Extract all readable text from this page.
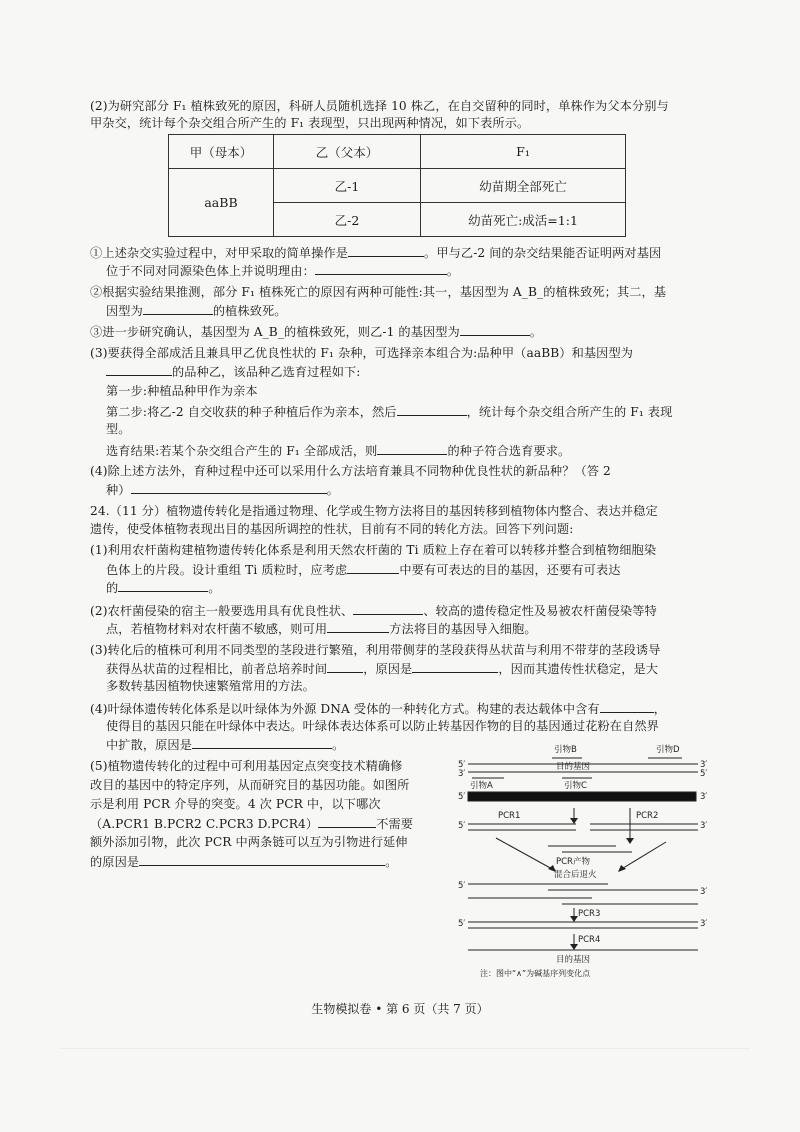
(2)为研究部分 F₁ 植株致死的原因，科研人员随机选择 10 株乙，在自交留种的同时，单株作为父本分别与
甲杂交，统计每个杂交组合所产生的 F₁ 表现型，只出现两种情况，如下表所示。
甲（母本）	乙（父本）	F₁
aaBB	乙-1	幼苗期全部死亡
	乙-2	幼苗死亡:成活=1:1
①上述杂交实验过程中，对甲采取的简单操作是	。甲与乙-2 间的杂交结果能否证明两对基因
位于不同对同源染色体上并说明理由：	。
②根据实验结果推测，部分 F₁ 植株死亡的原因有两种可能性:其一，基因型为 A_B_的植株致死；其二，基
因型为	的植株致死。
③进一步研究确认，基因型为 A_B_的植株致死，则乙-1 的基因型为	。
(3)要获得全部成活且兼具甲乙优良性状的 F₁ 杂种，可选择亲本组合为:品种甲（aaBB）和基因型为
的品种乙，该品种乙选育过程如下:
第一步:种植品种甲作为亲本
第二步:将乙-2 自交收获的种子种植后作为亲本，然后	，统计每个杂交组合所产生的 F₁ 表现
型。
选育结果:若某个杂交组合产生的 F₁ 全部成活，则	的种子符合选育要求。
(4)除上述方法外，育种过程中还可以采用什么方法培育兼具不同物种优良性状的新品种？（答 2
种）	。
24.（11 分）植物遗传转化是指通过物理、化学或生物方法将目的基因转移到植物体内整合、表达并稳定
遗传，使受体植物表现出目的基因所调控的性状，目前有不同的转化方法。回答下列问题:
(1)利用农杆菌构建植物遗传转化体系是利用天然农杆菌的 Ti 质粒上存在着可以转移并整合到植物细胞染
色体上的片段。设计重组 Ti 质粒时，应考虑	中要有可表达的目的基因，还要有可表达
的	。
(2)农杆菌侵染的宿主一般要选用具有优良性状、	、较高的遗传稳定性及易被农杆菌侵染等特
点，若植物材料对农杆菌不敏感，则可用	方法将目的基因导入细胞。
(3)转化后的植株可利用不同类型的茎段进行繁殖，利用带侧芽的茎段获得丛状苗与利用不带芽的茎段诱导
获得丛状苗的过程相比，前者总培养时间	，原因是	，因而其遗传性状稳定，是大
多数转基因植物快速繁殖常用的方法。
(4)叶绿体遗传转化体系是以叶绿体为外源 DNA 受体的一种转化方式。构建的表达载体中含有	，
使得目的基因只能在叶绿体中表达。叶绿体表达体系可以防止转基因作物的目的基因通过花粉在自然界
中扩散，原因是	。
(5)植物遗传转化的过程中可利用基因定点突变技术精确修
改目的基因中的特定序列，从而研究目的基因功能。如图所
示是利用 PCR 介导的突变。4 次 PCR 中，以下哪次
（A.PCR1 B.PCR2 C.PCR3 D.PCR4）	不需要
额外添加引物，此次 PCR 中两条链可以互为引物进行延伸
的原因是	。
5′
3′
3′
5′
引物B	引物D
目的基因
引物A	引物C
5′	3′
PCR1	PCR2
5′	3′
PCR产物
混合后退火
5′
3′
PCR3
5′	3′
PCR4
目的基因
注：图中“∧”为碱基序列变化点
生物模拟卷 • 第 6 页（共 7 页）
